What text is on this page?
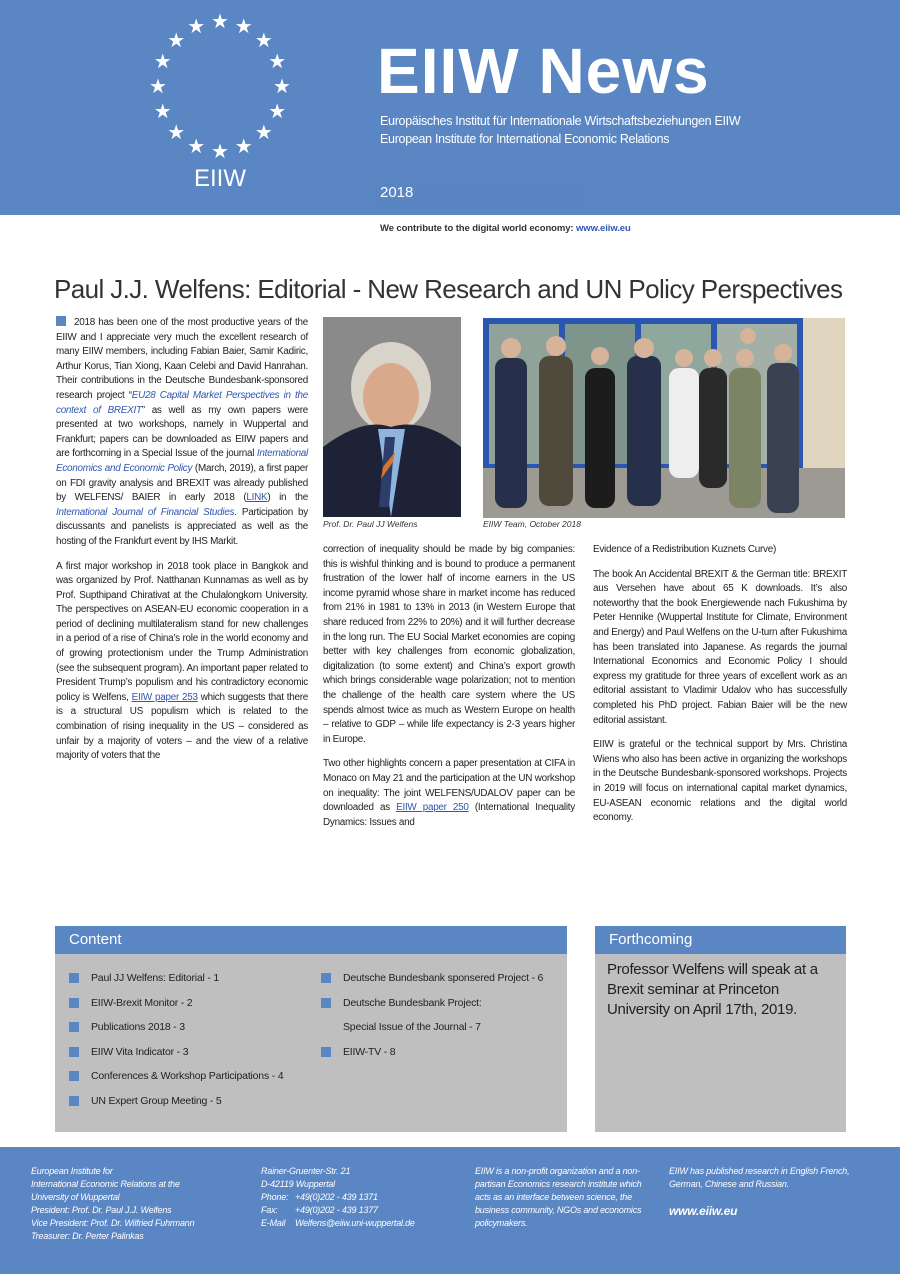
★ ★
★
★
★
★
★
★
★
★
★
★
★
★
★
★
EIIW
EIIW News
Europäisches Institut für Internationale Wirtschaftsbeziehungen EIIW
European Institute for International Economic Relations
2018
We contribute to the digital world economy: www.eiiw.eu
Paul J.J. Welfens: Editorial - New Research and UN Policy Perspectives

2018 has been one of the most productive years of the EIIW and I appreciate very much the excellent research of many EIIW members, including Fabian Baier, Samir Kadiric, Arthur Korus, Tian Xiong, Kaan Celebi and David Hanrahan. Their contributions in the Deutsche Bundesbank-sponsored research project “EU28 Capital Market Perspectives in the context of BREXIT” as well as my own papers were presented at two workshops, namely in Wuppertal and Frankfurt; papers can be downloaded as EIIW papers and are forthcoming in a Special Issue of the journal International Economics and Economic Policy (March, 2019), a first paper on FDI gravity analysis and BREXIT was already published by WELFENS/ BAIER in early 2018 (LINK) in the International Journal of Financial Studies. Participation by discussants and panelists is appreciated as well as the hosting of the Frankfurt event by IHS Markit.

A first major workshop in 2018 took place in Bangkok and was organized by Prof. Natthanan Kunnamas as well as by Prof. Supthipand Chirativat at the Chulalongkorn University. The perspectives on ASEAN-EU economic cooperation in a period of declining multilateralism stand for new challenges in a period of a rise of China’s role in the world economy and of growing protectionism under the Trump Administration (see the subsequent program). An important paper related to President Trump’s populism and his contradictory economic policy is Welfens, EIIW paper 253 which suggests that there is a structural US populism which is related to the combination of rising inequality in the US – considered as unfair by a majority of voters – and the view of a relative majority of voters that the

Prof. Dr. Paul JJ Welfens	EIIW Team, October 2018

correction of inequality should be made by big companies: this is wishful thinking and is bound to produce a permanent frustration of the lower half of income earners in the US income pyramid whose share in market income has reduced from 21% in 1981 to 13% in 2013 (in Western Europe that share reduced from 22% to 20%) and it will further decrease in the long run. The EU Social Market economies are coping better with key challenges from economic globalization, digitalization (to some extent) and China’s export growth which brings considerable wage polarization; not to mention the challenge of the health care system where the US spends almost twice as much as Western Europe on health – relative to GDP – while life expectancy is 2-3 years higher in Europe.

Two other highlights concern a paper presentation at CIFA in Monaco on May 21 and the participation at the UN workshop on inequality: The joint WELFENS/UDALOV paper can be downloaded as EIIW paper 250 (International Inequality Dynamics: Issues and

Evidence of a Redistribution Kuznets Curve)

The book An Accidental BREXIT & the German title: BREXIT aus Versehen have about 65 K downloads. It’s also noteworthy that the book Energiewende nach Fukushima by Peter Hennike (Wuppertal Institute for Climate, Environment and Energy) and Paul Welfens on the U-turn after Fukushima has been translated into Japanese. As regards the journal International Economics and Economic Policy I should express my gratitude for three years of excellent work as an editorial assistant to Vladimir Udalov who has successfully completed his PhD project. Fabian Baier will be the new editorial assistant.

EIIW is grateful or the technical support by Mrs. Christina Wiens who also has been active in organizing the workshops in the Deutsche Bundesbank-sponsored workshops. Projects in 2019 will focus on international capital market dynamics, EU-ASEAN economic relations and the digital world economy.

Content
Paul JJ Welfens: Editorial - 1
EIIW-Brexit Monitor - 2
Publications 2018 - 3
EIIW Vita Indicator - 3
Conferences & Workshop Participations - 4
UN Expert Group Meeting - 5
Deutsche Bundesbank sponsered Project - 6
Deutsche Bundesbank Project:
Special Issue of the Journal - 7
EIIW-TV - 8
Forthcoming
Professor Welfens will speak at a Brexit seminar at Princeton University on April 17th, 2019.
European Institute for
International Economic Relations at the
University of Wuppertal
President: Prof. Dr. Paul J.J. Welfens
Vice President: Prof. Dr. Wilfried Fuhrmann
Treasurer: Dr. Perter Palinkas
Rainer-Gruenter-Str. 21
D-42119 Wuppertal
Phone: +49(0)202 - 439 1371
Fax: +49(0)202 - 439 1377
E-Mail Welfens@eiiw.uni-wuppertal.de
EIIW is a non-profit organization and a non-partisan Economics research institute which acts as an interface between science, the business community, NGOs and economics policymakers.
EIIW has published research in English French, German, Chinese and Russian.
www.eiiw.eu
